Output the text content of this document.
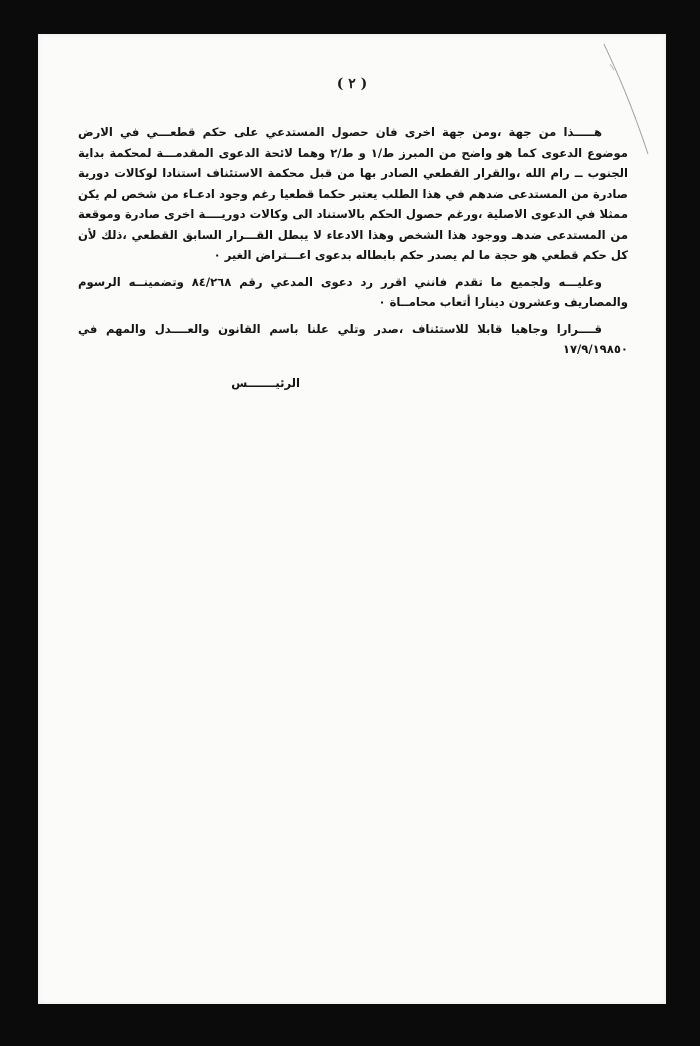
( ٢ )

هـــــذا من جهة ،ومن جهة اخرى فان حصول المستدعي على حكم قطعـــي في الارض موضوع الدعوى كما هو واضح من المبرز ط/١ و ط/٢ وهما لائحة الدعوى المقدمـــة لمحكمة بداية الجنوب ــ رام الله ،والقرار القطعي الصادر بها من قبل محكمة الاستئناف استنادا لوكالات دورية صادرة من المستدعى ضدهم في هذا الطلب يعتبر حكما قطعيا رغم وجود ادعـاء من شخص لم يكن ممثلا في الدعوى الاصلية ،ورغم حصول الحكم بالاستناد الى وكالات دوريــــة اخرى صادرة وموقعة من المستدعى ضدهـ ووجود هذا الشخص وهذا الادعاء لا يبطل القـــرار السابق القطعي ،ذلك لأن كل حكم قطعي هو حجة ما لم يصدر حكم بابطاله بدعوى اعـــتراض الغير ٠

وعليـــه ولجميع ما تقدم فانني اقرر رد دعوى المدعي رقم ٨٤/٢٦٨ وتضمينــه الرسوم والمصاريف وعشرون دينارا أتعاب محامــاة ٠

قــــرارا وجاهيا قابلا للاستئناف ،صدر وتلي علنا باسم القانون والعــــدل والمهم في ١٧/٩/١٩٨٥٠

الرئيـــــــس
